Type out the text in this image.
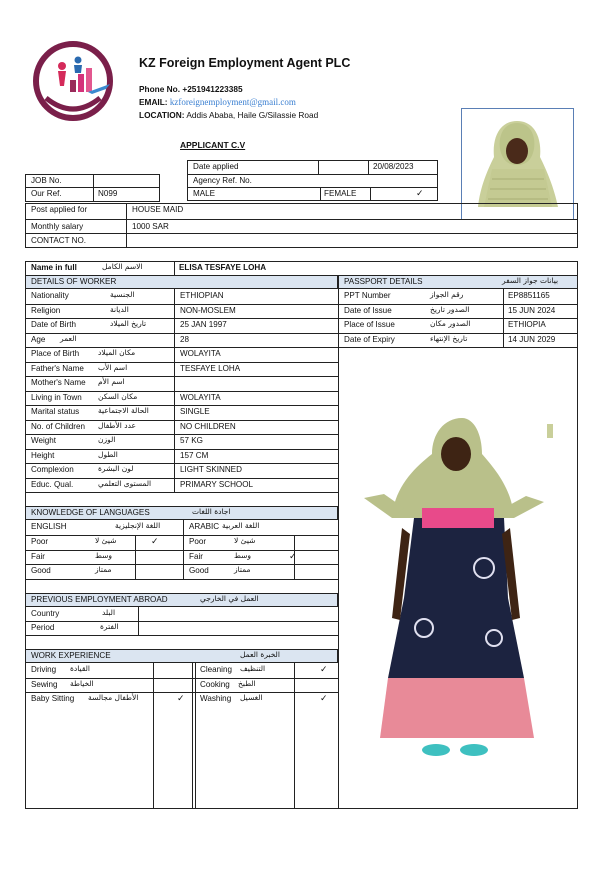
KZ Foreign Employment Agent PLC
Phone No. +251941223385
EMAIL: kzforeignemployment@gmail.com
LOCATION: Addis Ababa, Haile G/Silassie Road
APPLICANT C.V
Date applied	20/08/2023
Agency Ref. No.
MALE	FEMALE	✓
JOB No.
Our Ref.	N099
Post applied for	HOUSE MAID
Monthly salary	1000 SAR
CONTACT NO.
Name in full	الاسم الكامل	ELISA TESFAYE LOHA
DETAILS OF WORKER
Nationality	الجنسية	ETHIOPIAN
Religion	الديانة	NON-MOSLEM
Date of Birth	تاريخ الميلاد	25 JAN 1997
Age العمر	28
Place of Birth	مكان الميلاد	WOLAYITA
Father's Name اسم الأب	TESFAYE LOHA
Mother's Name اسم الأم
Living in Town مكان السكن	WOLAYITA
Marital status	الحالة الاجتماعية	SINGLE
No. of Children عدد الأطفال	NO CHILDREN
Weight	الوزن	57 KG
Height	الطول	157 CM
Complexion	لون البشرة	LIGHT SKINNED
Educ. Qual.	المستوى التعلمي	PRIMARY SCHOOL
PASSPORT DETAILS	بيانات جواز السفر
PPT Number	رقم الجواز	EP8851165
Date of Issue	الصدور تاريخ	15 JUN 2024
Place of Issue	الصدور مكان	ETHIOPIA
Date of Expiry	تاريخ الإنتهاء	14 JUN 2029
KNOWLEDGE OF LANGUAGES	اجادة اللغات
ENGLISH	اللغة الإنجليزية	ARABIC اللغة العربية
Poor	شيئ لا	✓	Poor	شيئ لا
Fair	وسط	Fair	وسط	✓
Good	ممتاز	Good	ممتاز
PREVIOUS EMPLOYMENT ABROAD	العمل في الخارجي
Country	البلد
Period	الفترة
WORK EXPERIENCE	الخبرة العمل
Driving القيادة	Cleaning التنظيف	✓
Sewing الخياطة	Cooking الطبخ
Baby Sitting الأطفال مجالسة	✓ Washing الغسيل	✓
